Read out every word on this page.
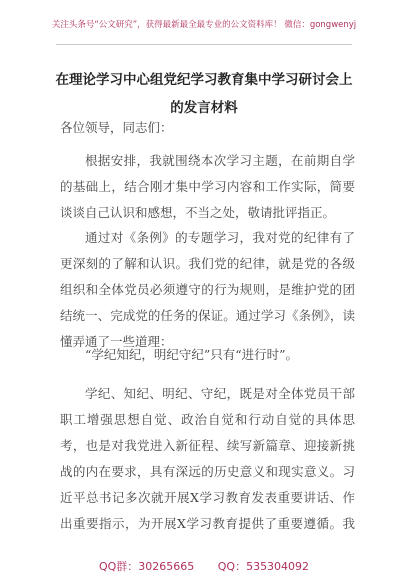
关注头条号“公文研究”，获得最新最全最专业的公文资料库！ 微信：gongwenyj
在理论学习中心组党纪学习教育集中学习研讨会上的发言材料
各位领导，同志们：

根据安排，我就围绕本次学习主题，在前期自学的基础上，结合刚才集中学习内容和工作实际，简要谈谈自己认识和感想，不当之处，敬请批评指正。

通过对《条例》的专题学习，我对党的纪律有了更深刻的了解和认识。我们党的纪律，就是党的各级组织和全体党员必须遵守的行为规则，是维护党的团结统一、完成党的任务的保证。通过学习《条例》，读懂弄通了一些道理：

“学纪知纪，明纪守纪”只有“进行时”。

学纪、知纪、明纪、守纪，既是对全体党员干部职工增强思想自觉、政治自觉和行动自觉的具体思考，也是对我党进入新征程、续写新篇章、迎接新挑战的内在要求，具有深远的历史意义和现实意义。习近平总书记多次就开展X学习教育发表重要讲话、作出重要指示，为开展X学习教育提供了重要遵循。我

QQ群：30265665 QQ：535304092
